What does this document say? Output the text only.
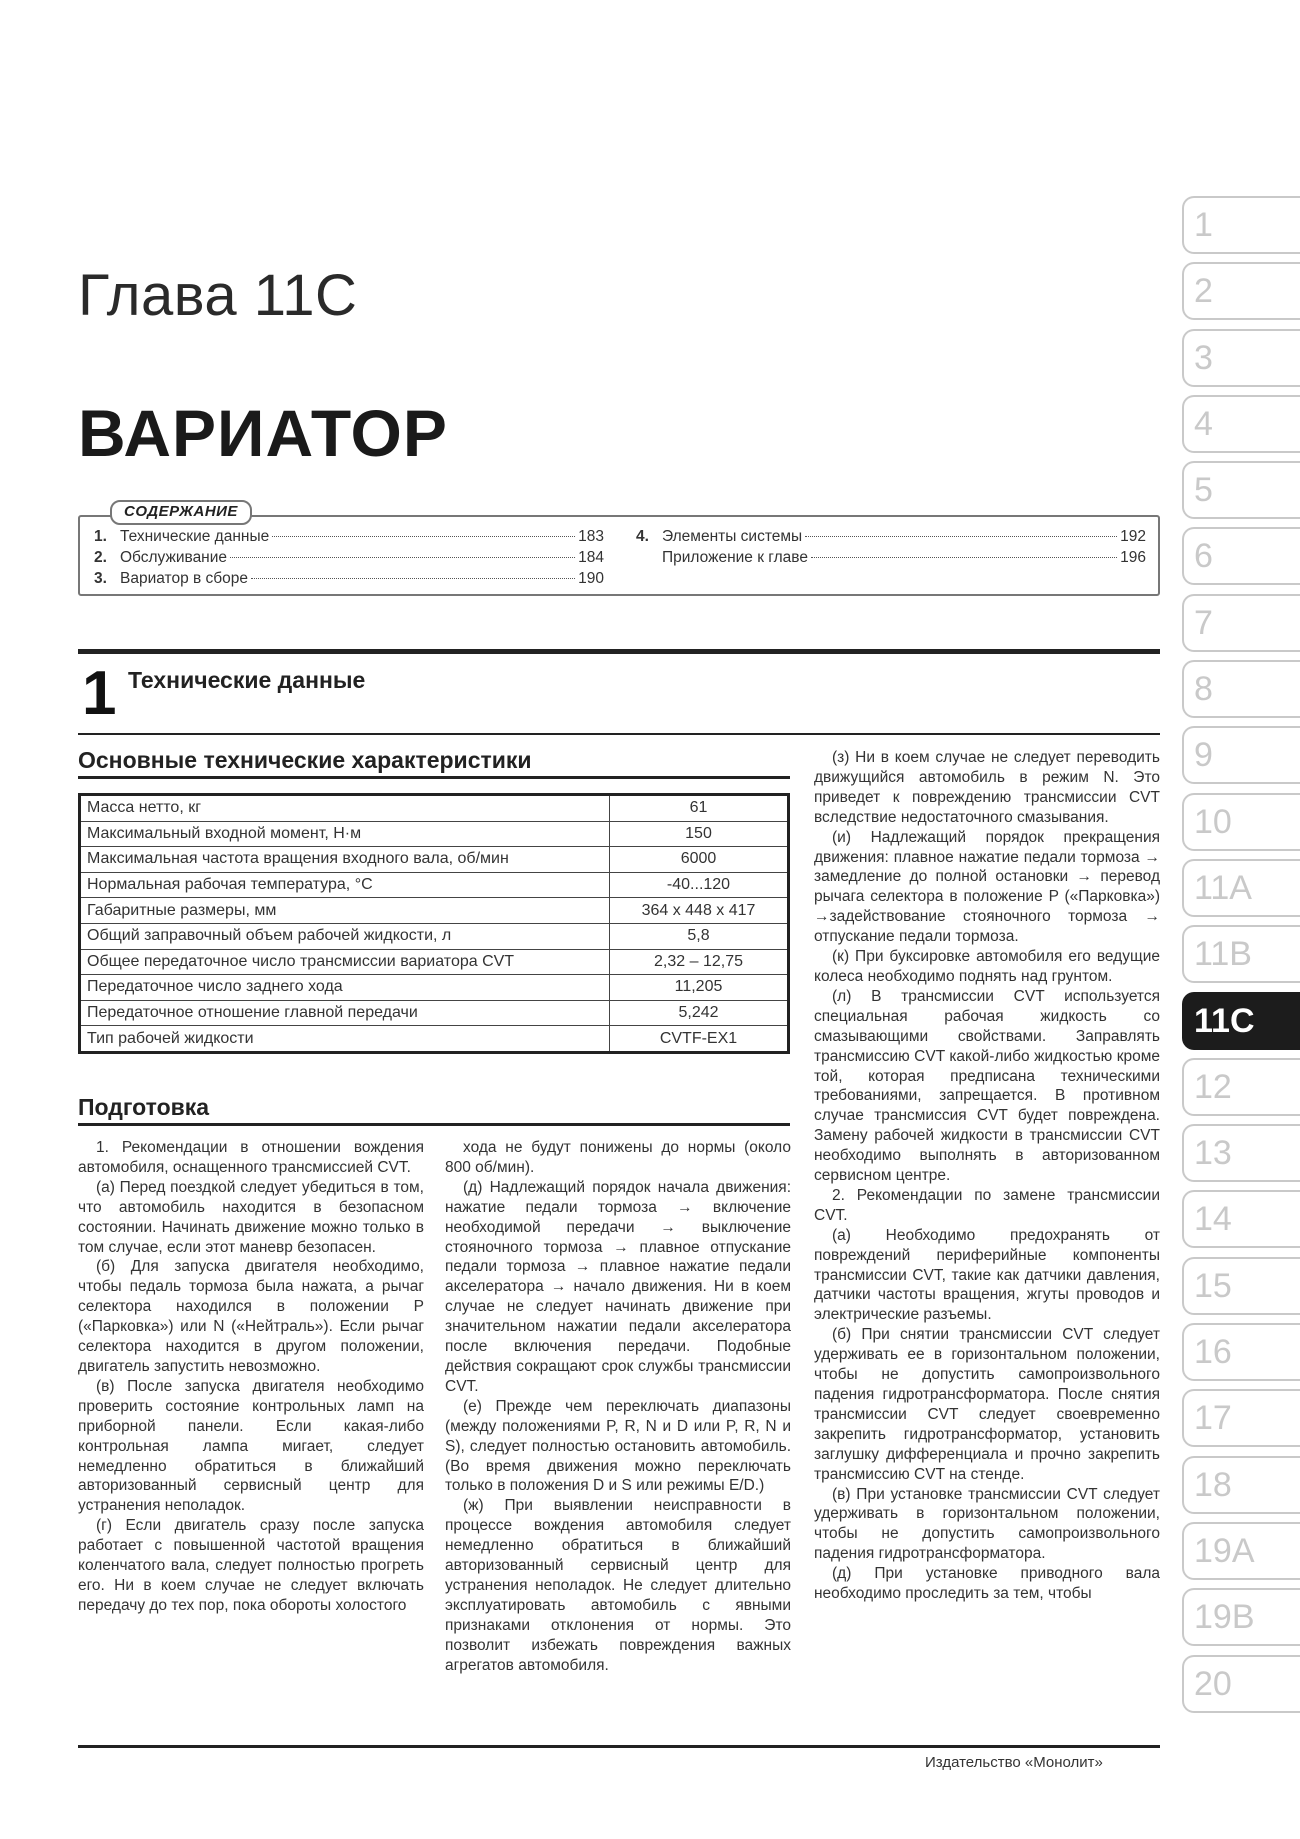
Глава 11C
ВАРИАТОР
СОДЕРЖАНИЕ
1. Технические данные	183
2. Обслуживание	184
3. Вариатор в сборе	190
4. Элементы системы	192
Приложение к главе	196
1 Технические данные
Основные технические характеристики
Масса нетто, кг	61
Максимальный входной момент, Н·м	150
Максимальная частота вращения входного вала, об/мин	6000
Нормальная рабочая температура, °С	-40...120
Габаритные размеры, мм	364 х 448 х 417
Общий заправочный объем рабочей жидкости, л	5,8
Общее передаточное число трансмиссии вариатора CVT	2,32 – 12,75
Передаточное число заднего хода	11,205
Передаточное отношение главной передачи	5,242
Тип рабочей жидкости	CVTF-EX1
Подготовка

1. Рекомендации в отношении вождения автомобиля, оснащенного трансмиссией CVT.

(а) Перед поездкой следует убедиться в том, что автомобиль находится в безопасном состоянии. Начинать движение можно только в том случае, если этот маневр безопасен.

(б) Для запуска двигателя необходимо, чтобы педаль тормоза была нажата, а рычаг селектора находился в положении P («Парковка») или N («Нейтраль»). Если рычаг селектора находится в другом положении, двигатель запустить невозможно.

(в) После запуска двигателя необходимо проверить состояние контрольных ламп на приборной панели. Если какая-либо контрольная лампа мигает, следует немедленно обратиться в ближайший авторизованный сервисный центр для устранения неполадок.

(г) Если двигатель сразу после запуска работает с повышенной частотой вращения коленчатого вала, следует полностью прогреть его. Ни в коем случае не следует включать передачу до тех пор, пока обороты холостого

хода не будут понижены до нормы (около 800 об/мин).

(д) Надлежащий порядок начала движения: нажатие педали тормоза → включение необходимой передачи → выключение стояночного тормоза → плавное отпускание педали тормоза → плавное нажатие педали акселератора → начало движения. Ни в коем случае не следует начинать движение при значительном нажатии педали акселератора после включения передачи. Подобные действия сокращают срок службы трансмиссии CVT.

(е) Прежде чем переключать диапазоны (между положениями P, R, N и D или P, R, N и S), следует полностью остановить автомобиль. (Во время движения можно переключать только в положения D и S или режимы E/D.)

(ж) При выявлении неисправности в процессе вождения автомобиля следует немедленно обратиться в ближайший авторизованный сервисный центр для устранения неполадок. Не следует длительно эксплуатировать автомобиль с явными признаками отклонения от нормы. Это позволит избежать повреждения важных агрегатов автомобиля.

(з) Ни в коем случае не следует переводить движущийся автомобиль в режим N. Это приведет к повреждению трансмиссии CVT вследствие недостаточного смазывания.

(и) Надлежащий порядок прекращения движения: плавное нажатие педали тормоза → замедление до полной остановки → перевод рычага селектора в положение P («Парковка») →задействование стояночного тормоза → отпускание педали тормоза.

(к) При буксировке автомобиля его ведущие колеса необходимо поднять над грунтом.

(л) В трансмиссии CVT используется специальная рабочая жидкость со смазывающими свойствами. Заправлять трансмиссию CVT какой-либо жидкостью кроме той, которая предписана техническими требованиями, запрещается. В противном случае трансмиссия CVT будет повреждена. Замену рабочей жидкости в трансмиссии CVT необходимо выполнять в авторизованном сервисном центре.

2. Рекомендации по замене трансмиссии CVT.

(а) Необходимо предохранять от повреждений периферийные компоненты трансмиссии CVT, такие как датчики давления, датчики частоты вращения, жгуты проводов и электрические разъемы.

(б) При снятии трансмиссии CVT следует удерживать ее в горизонтальном положении, чтобы не допустить самопроизвольного падения гидротрансформатора. После снятия трансмиссии CVT следует своевременно закрепить гидротрансформатор, установить заглушку дифференциала и прочно закрепить трансмиссию CVT на стенде.

(в) При установке трансмиссии CVT следует удерживать в горизонтальном положении, чтобы не допустить самопроизвольного падения гидротрансформатора.

(д) При установке приводного вала необходимо проследить за тем, чтобы

1
2
3
4
5
6
7
8
9
10
11A
11B
11C
12
13
14
15
16
17
18
19A
19B
20
Издательство «Монолит»
